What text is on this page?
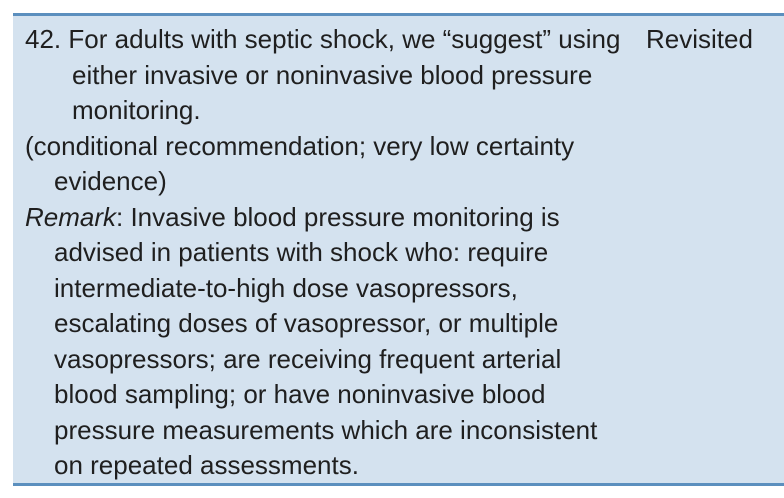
42. For adults with septic shock, we “suggest” using either invasive or noninvasive blood pressure monitoring.

(conditional recommendation; very low certainty evidence)

Remark: Invasive blood pressure monitoring is advised in patients with shock who: require intermediate-to-high dose vasopressors, escalating doses of vasopressor, or multiple vasopressors; are receiving frequent arterial blood sampling; or have noninvasive blood pressure measurements which are inconsistent on repeated assessments.

Revisited
